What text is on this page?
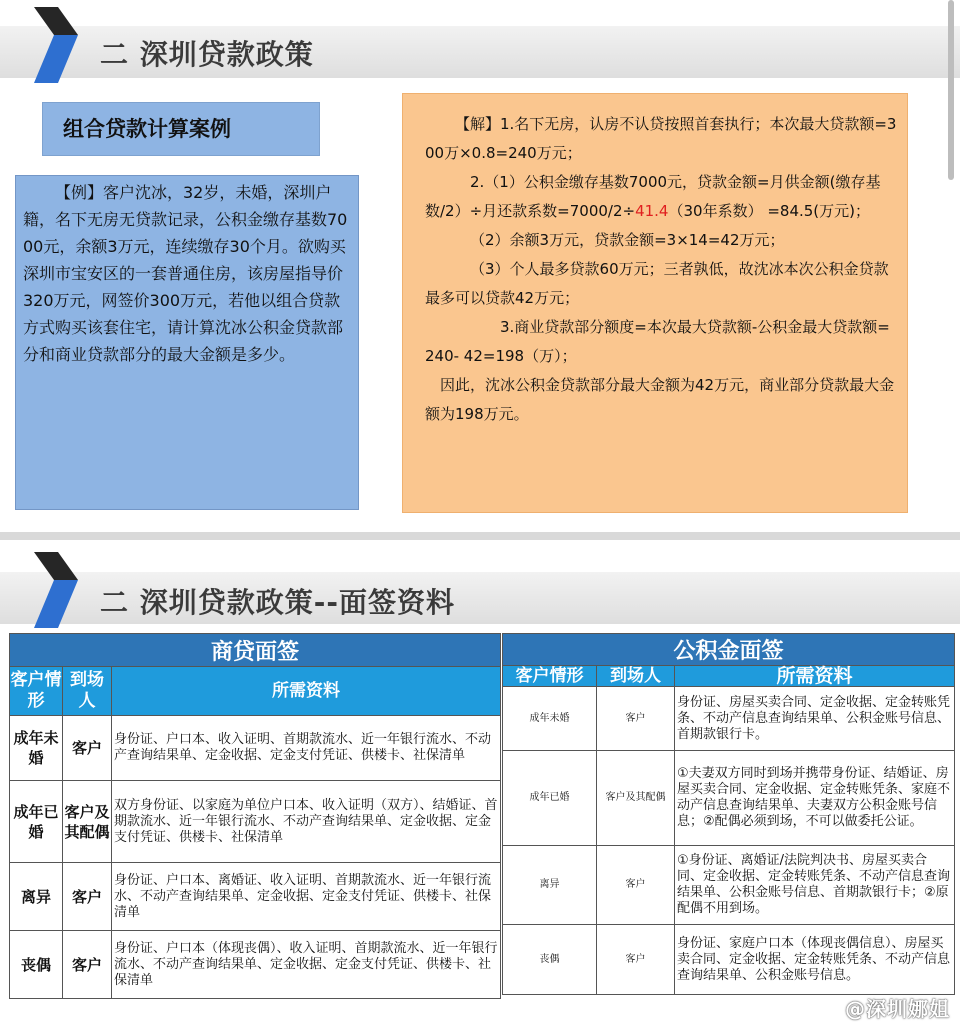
二 深圳贷款政策
组合贷款计算案例

【例】客户沈冰，32岁，未婚，深圳户籍，名下无房无贷款记录，公积金缴存基数7000元，余额3万元，连续缴存30个月。欲购买深圳市宝安区的一套普通住房，该房屋指导价320万元，网签价300万元，若他以组合贷款方式购买该套住宅，请计算沈冰公积金贷款部分和商业贷款部分的最大金额是多少。

【解】1.名下无房，认房不认贷按照首套执行；本次最大贷款额=300万×0.8=240万元；

2.（1）公积金缴存基数7000元，贷款金额=月供金额(缴存基数/2）÷月还款系数=7000/2÷41.4（30年系数） =84.5(万元)；

（2）余额3万元，贷款金额=3×14=42万元；

（3）个人最多贷款60万元；三者孰低，故沈冰本次公积金贷款最多可以贷款42万元；

3.商业贷款部分额度=本次最大贷款额-公积金最大贷款额=240- 42=198（万）；

因此，沈冰公积金贷款部分最大金额为42万元，商业部分贷款最大金额为198万元。

二 深圳贷款政策--面签资料
商贷面签		
客户情形	到场人	所需资料
成年未婚	客户	身份证、户口本、收入证明、首期款流水、近一年银行流水、不动产查询结果单、定金收据、定金支付凭证、供楼卡、社保清单
成年已婚	客户及其配偶	双方身份证、以家庭为单位户口本、收入证明（双方）、结婚证、首期款流水、近一年银行流水、不动产查询结果单、定金收据、定金支付凭证、供楼卡、社保清单
离异	客户	身份证、户口本、离婚证、收入证明、首期款流水、近一年银行流水、不动产查询结果单、定金收据、定金支付凭证、供楼卡、社保清单
丧偶	客户	身份证、户口本（体现丧偶）、收入证明、首期款流水、近一年银行流水、不动产查询结果单、定金收据、定金支付凭证、供楼卡、社保清单
公积金面签		
客户情形	到场人	所需资料
成年未婚	客户	身份证、房屋买卖合同、定金收据、定金转账凭条、不动产信息查询结果单、公积金账号信息、首期款银行卡。
成年已婚	客户及其配偶	①夫妻双方同时到场并携带身份证、结婚证、房屋买卖合同、定金收据、定金转账凭条、家庭不动产信息查询结果单、夫妻双方公积金账号信息；②配偶必须到场，不可以做委托公证。
离异	客户	①身份证、离婚证/法院判决书、房屋买卖合同、定金收据、定金转账凭条、不动产信息查询结果单、公积金账号信息、首期款银行卡；②原配偶不用到场。
丧偶	客户	身份证、家庭户口本（体现丧偶信息）、房屋买卖合同、定金收据、定金转账凭条、不动产信息查询结果单、公积金账号信息。
@深圳娜姐
